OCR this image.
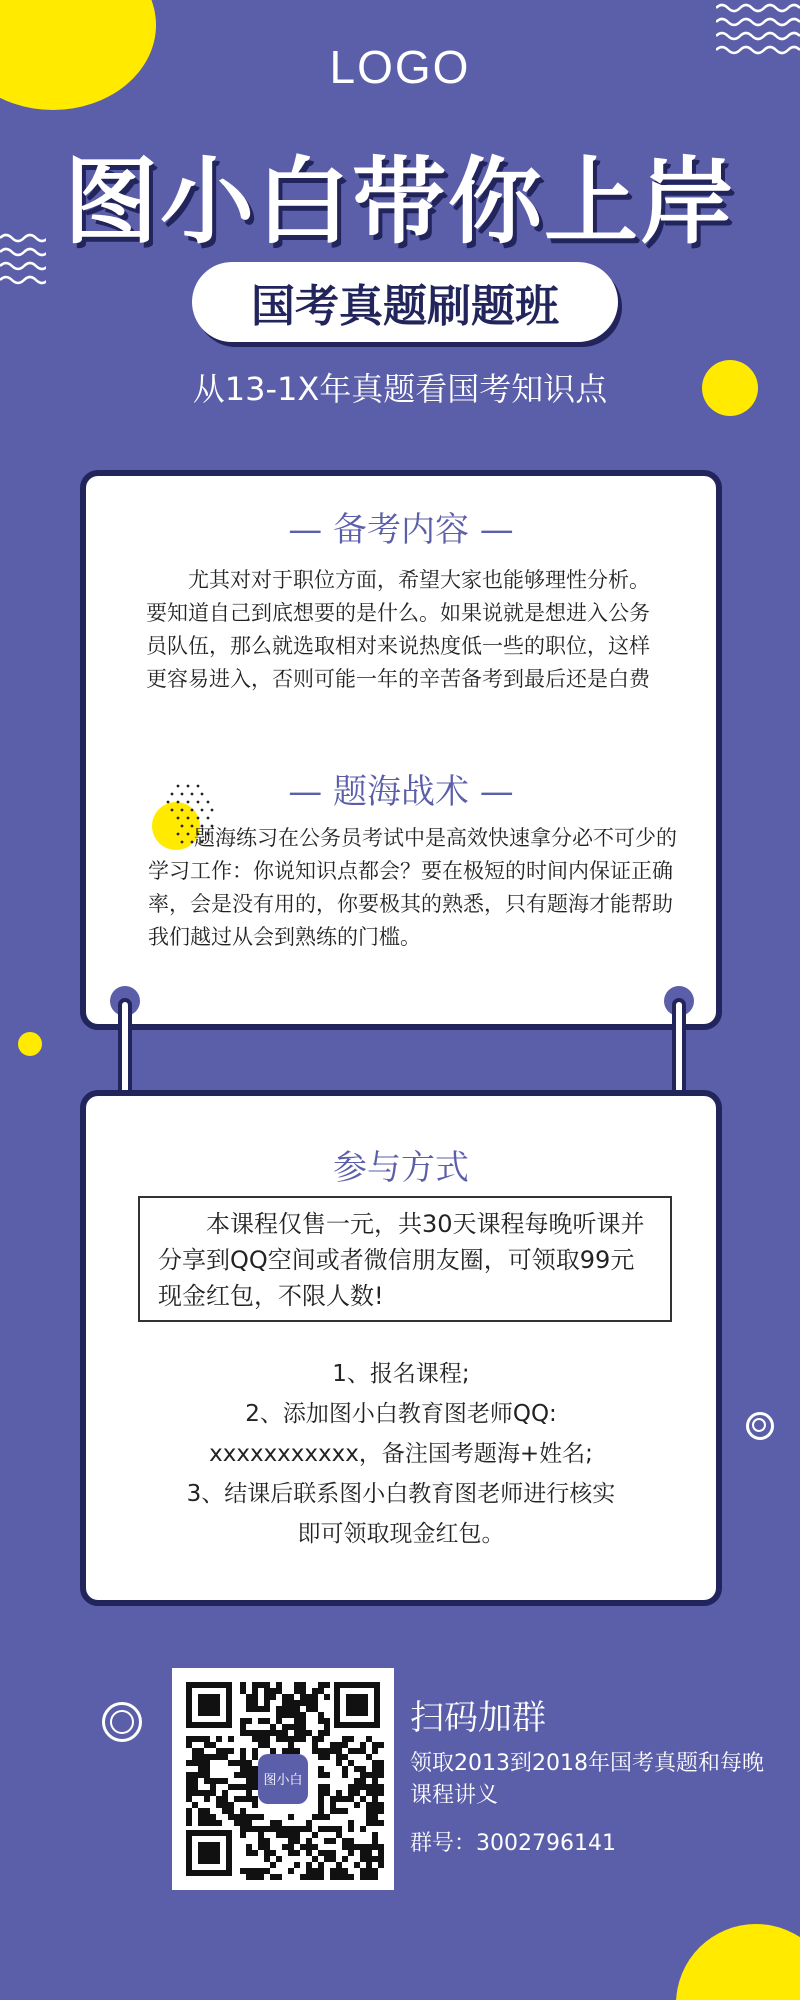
LOGO
图小白带你上岸
国考真题刷题班
从13-1X年真题看国考知识点
— 备考内容 —
尤其对对于职位方面，希望大家也能够理性分析。要知道自己到底想要的是什么。如果说就是想进入公务员队伍，那么就选取相对来说热度低一些的职位，这样更容易进入，否则可能一年的辛苦备考到最后还是白费
— 题海战术 —
题海练习在公务员考试中是高效快速拿分必不可少的学习工作：你说知识点都会？要在极短的时间内保证正确率，会是没有用的，你要极其的熟悉，只有题海才能帮助我们越过从会到熟练的门槛。
参与方式

本课程仅售一元，共30天课程每晚听课并分享到QQ空间或者微信朋友圈，可领取99元现金红包，不限人数!

1、报名课程;
2、添加图小白教育图老师QQ:
xxxxxxxxxxx，备注国考题海+姓名;
3、结课后联系图小白教育图老师进行核实
即可领取现金红包。
图小白
扫码加群
领取2013到2018年国考真题和每晚课程讲义
群号：3002796141
